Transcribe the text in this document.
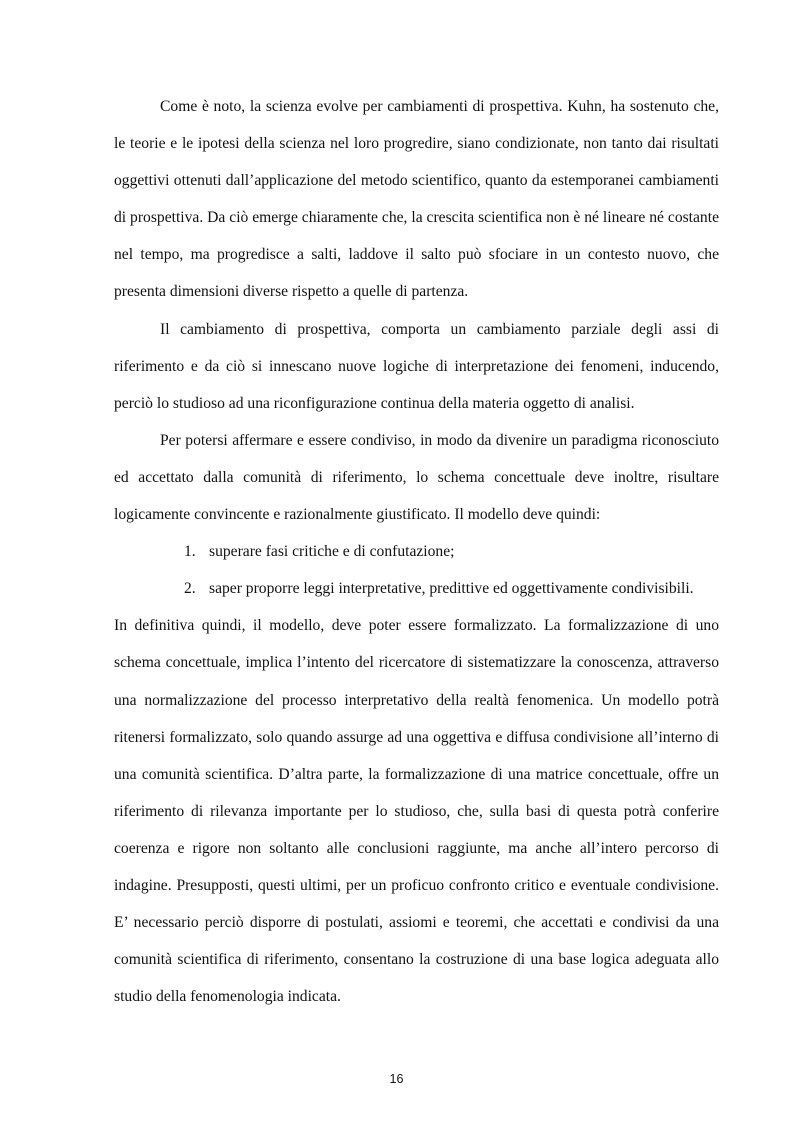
Come è noto, la scienza evolve per cambiamenti di prospettiva. Kuhn, ha sostenuto che, le teorie e le ipotesi della scienza nel loro progredire, siano condizionate, non tanto dai risultati oggettivi ottenuti dall’applicazione del metodo scientifico, quanto da estemporanei cambiamenti di prospettiva. Da ciò emerge chiaramente che, la crescita scientifica non è né lineare né costante nel tempo, ma progredisce a salti, laddove il salto può sfociare in un contesto nuovo, che presenta dimensioni diverse rispetto a quelle di partenza.

Il cambiamento di prospettiva, comporta un cambiamento parziale degli assi di riferimento e da ciò si innescano nuove logiche di interpretazione dei fenomeni, inducendo, perciò lo studioso ad una riconfigurazione continua della materia oggetto di analisi.

Per potersi affermare e essere condiviso, in modo da divenire un paradigma riconosciuto ed accettato dalla comunità di riferimento, lo schema concettuale deve inoltre, risultare logicamente convincente e razionalmente giustificato. Il modello deve quindi:

1. superare fasi critiche e di confutazione;
2. saper proporre leggi interpretative, predittive ed oggettivamente condivisibili.

In definitiva quindi, il modello, deve poter essere formalizzato. La formalizzazione di uno schema concettuale, implica l’intento del ricercatore di sistematizzare la conoscenza, attraverso una normalizzazione del processo interpretativo della realtà fenomenica. Un modello potrà ritenersi formalizzato, solo quando assurge ad una oggettiva e diffusa condivisione all’interno di una comunità scientifica. D’altra parte, la formalizzazione di una matrice concettuale, offre un riferimento di rilevanza importante per lo studioso, che, sulla basi di questa potrà conferire coerenza e rigore non soltanto alle conclusioni raggiunte, ma anche all’intero percorso di indagine. Presupposti, questi ultimi, per un proficuo confronto critico e eventuale condivisione. E’ necessario perciò disporre di postulati, assiomi e teoremi, che accettati e condivisi da una comunità scientifica di riferimento, consentano la costruzione di una base logica adeguata allo studio della fenomenologia indicata.

16
